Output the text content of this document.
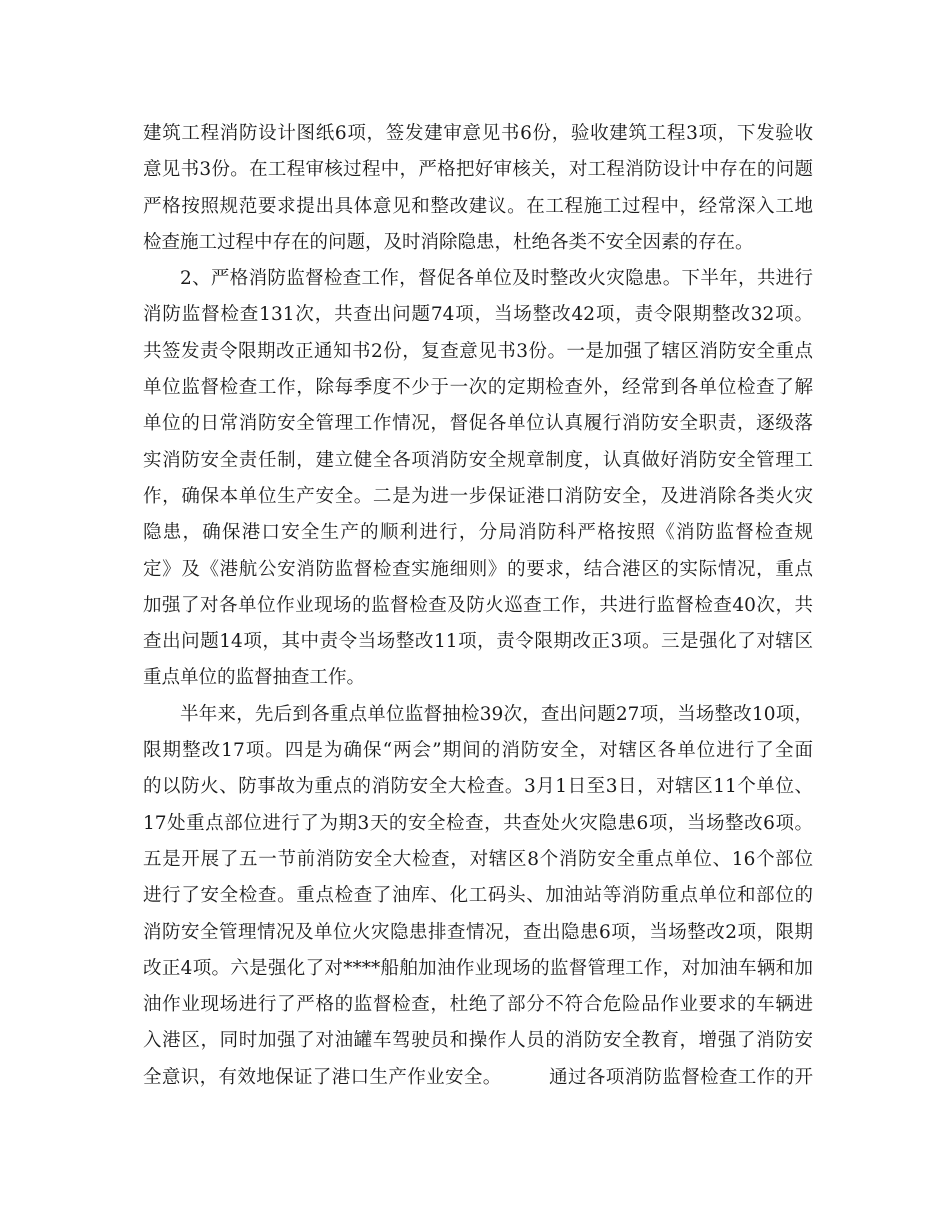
建筑工程消防设计图纸6项，签发建审意见书6份，验收建筑工程3项，下发验收
意见书3份。在工程审核过程中，严格把好审核关，对工程消防设计中存在的问题
严格按照规范要求提出具体意见和整改建议。在工程施工过程中，经常深入工地
检查施工过程中存在的问题，及时消除隐患，杜绝各类不安全因素的存在。
2、严格消防监督检查工作，督促各单位及时整改火灾隐患。下半年，共进行
消防监督检查131次，共查出问题74项，当场整改42项，责令限期整改32项。
共签发责令限期改正通知书2份，复查意见书3份。一是加强了辖区消防安全重点
单位监督检查工作，除每季度不少于一次的定期检查外，经常到各单位检查了解
单位的日常消防安全管理工作情况，督促各单位认真履行消防安全职责，逐级落
实消防安全责任制，建立健全各项消防安全规章制度，认真做好消防安全管理工
作，确保本单位生产安全。二是为进一步保证港口消防安全，及进消除各类火灾
隐患，确保港口安全生产的顺利进行，分局消防科严格按照《消防监督检查规
定》及《港航公安消防监督检查实施细则》的要求，结合港区的实际情况，重点
加强了对各单位作业现场的监督检查及防火巡查工作，共进行监督检查40次，共
查出问题14项，其中责令当场整改11项，责令限期改正3项。三是强化了对辖区
重点单位的监督抽查工作。
半年来，先后到各重点单位监督抽检39次，查出问题27项，当场整改10项，
限期整改17项。四是为确保“两会”期间的消防安全，对辖区各单位进行了全面
的以防火、防事故为重点的消防安全大检查。3月1日至3日，对辖区11个单位、
17处重点部位进行了为期3天的安全检查，共查处火灾隐患6项，当场整改6项。
五是开展了五一节前消防安全大检查，对辖区8个消防安全重点单位、16个部位
进行了安全检查。重点检查了油库、化工码头、加油站等消防重点单位和部位的
消防安全管理情况及单位火灾隐患排查情况，查出隐患6项，当场整改2项，限期
改正4项。六是强化了对****船舶加油作业现场的监督管理工作，对加油车辆和加
油作业现场进行了严格的监督检查，杜绝了部分不符合危险品作业要求的车辆进
入港区，同时加强了对油罐车驾驶员和操作人员的消防安全教育，增强了消防安
全意识，有效地保证了港口生产作业安全。　　　通过各项消防监督检查工作的开
